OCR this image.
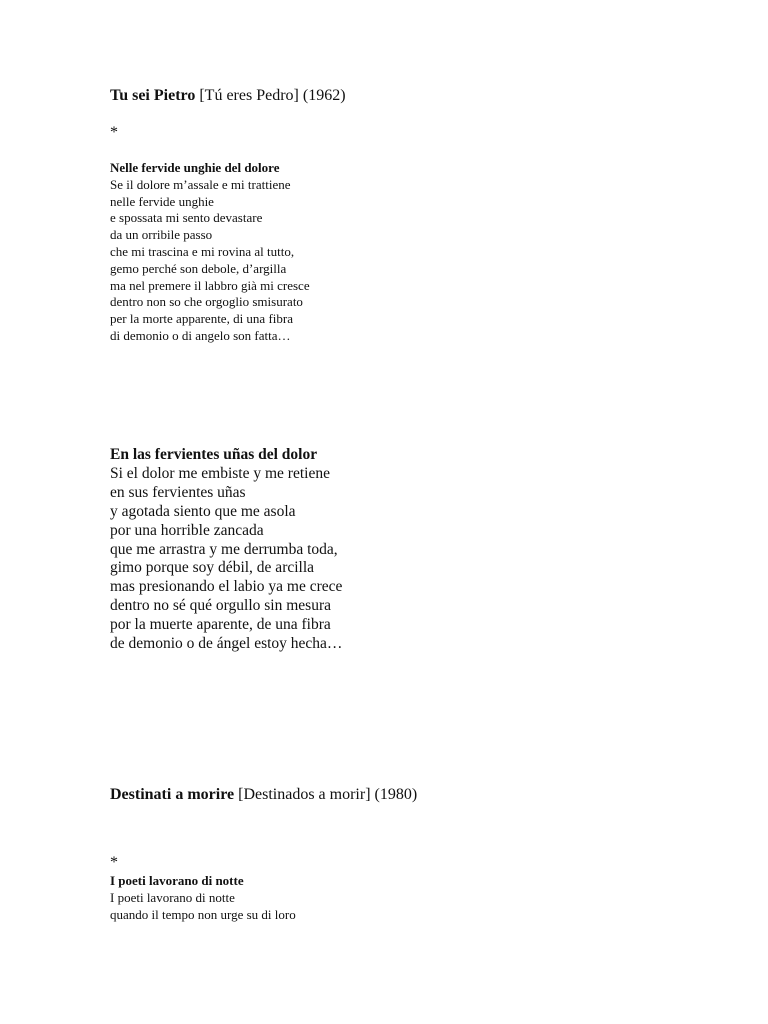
Tu sei Pietro [Tú eres Pedro] (1962)

*

Nelle fervide unghie del dolore
Se il dolore m’assale e mi trattiene
nelle fervide unghie
e spossata mi sento devastare
da un orribile passo
che mi trascina e mi rovina al tutto,
gemo perché son debole, d’argilla
ma nel premere il labbro già mi cresce
dentro non so che orgoglio smisurato
per la morte apparente, di una fibra
di demonio o di angelo son fatta…
En las fervientes uñas del dolor
Si el dolor me embiste y me retiene
en sus fervientes uñas
y agotada siento que me asola
por una horrible zancada
que me arrastra y me derrumba toda,
gimo porque soy débil, de arcilla
mas presionando el labio ya me crece
dentro no sé qué orgullo sin mesura
por la muerte aparente, de una fibra
de demonio o de ángel estoy hecha…

Destinati a morire [Destinados a morir] (1980)

*

I poeti lavorano di notte
I poeti lavorano di notte
quando il tempo non urge su di loro
